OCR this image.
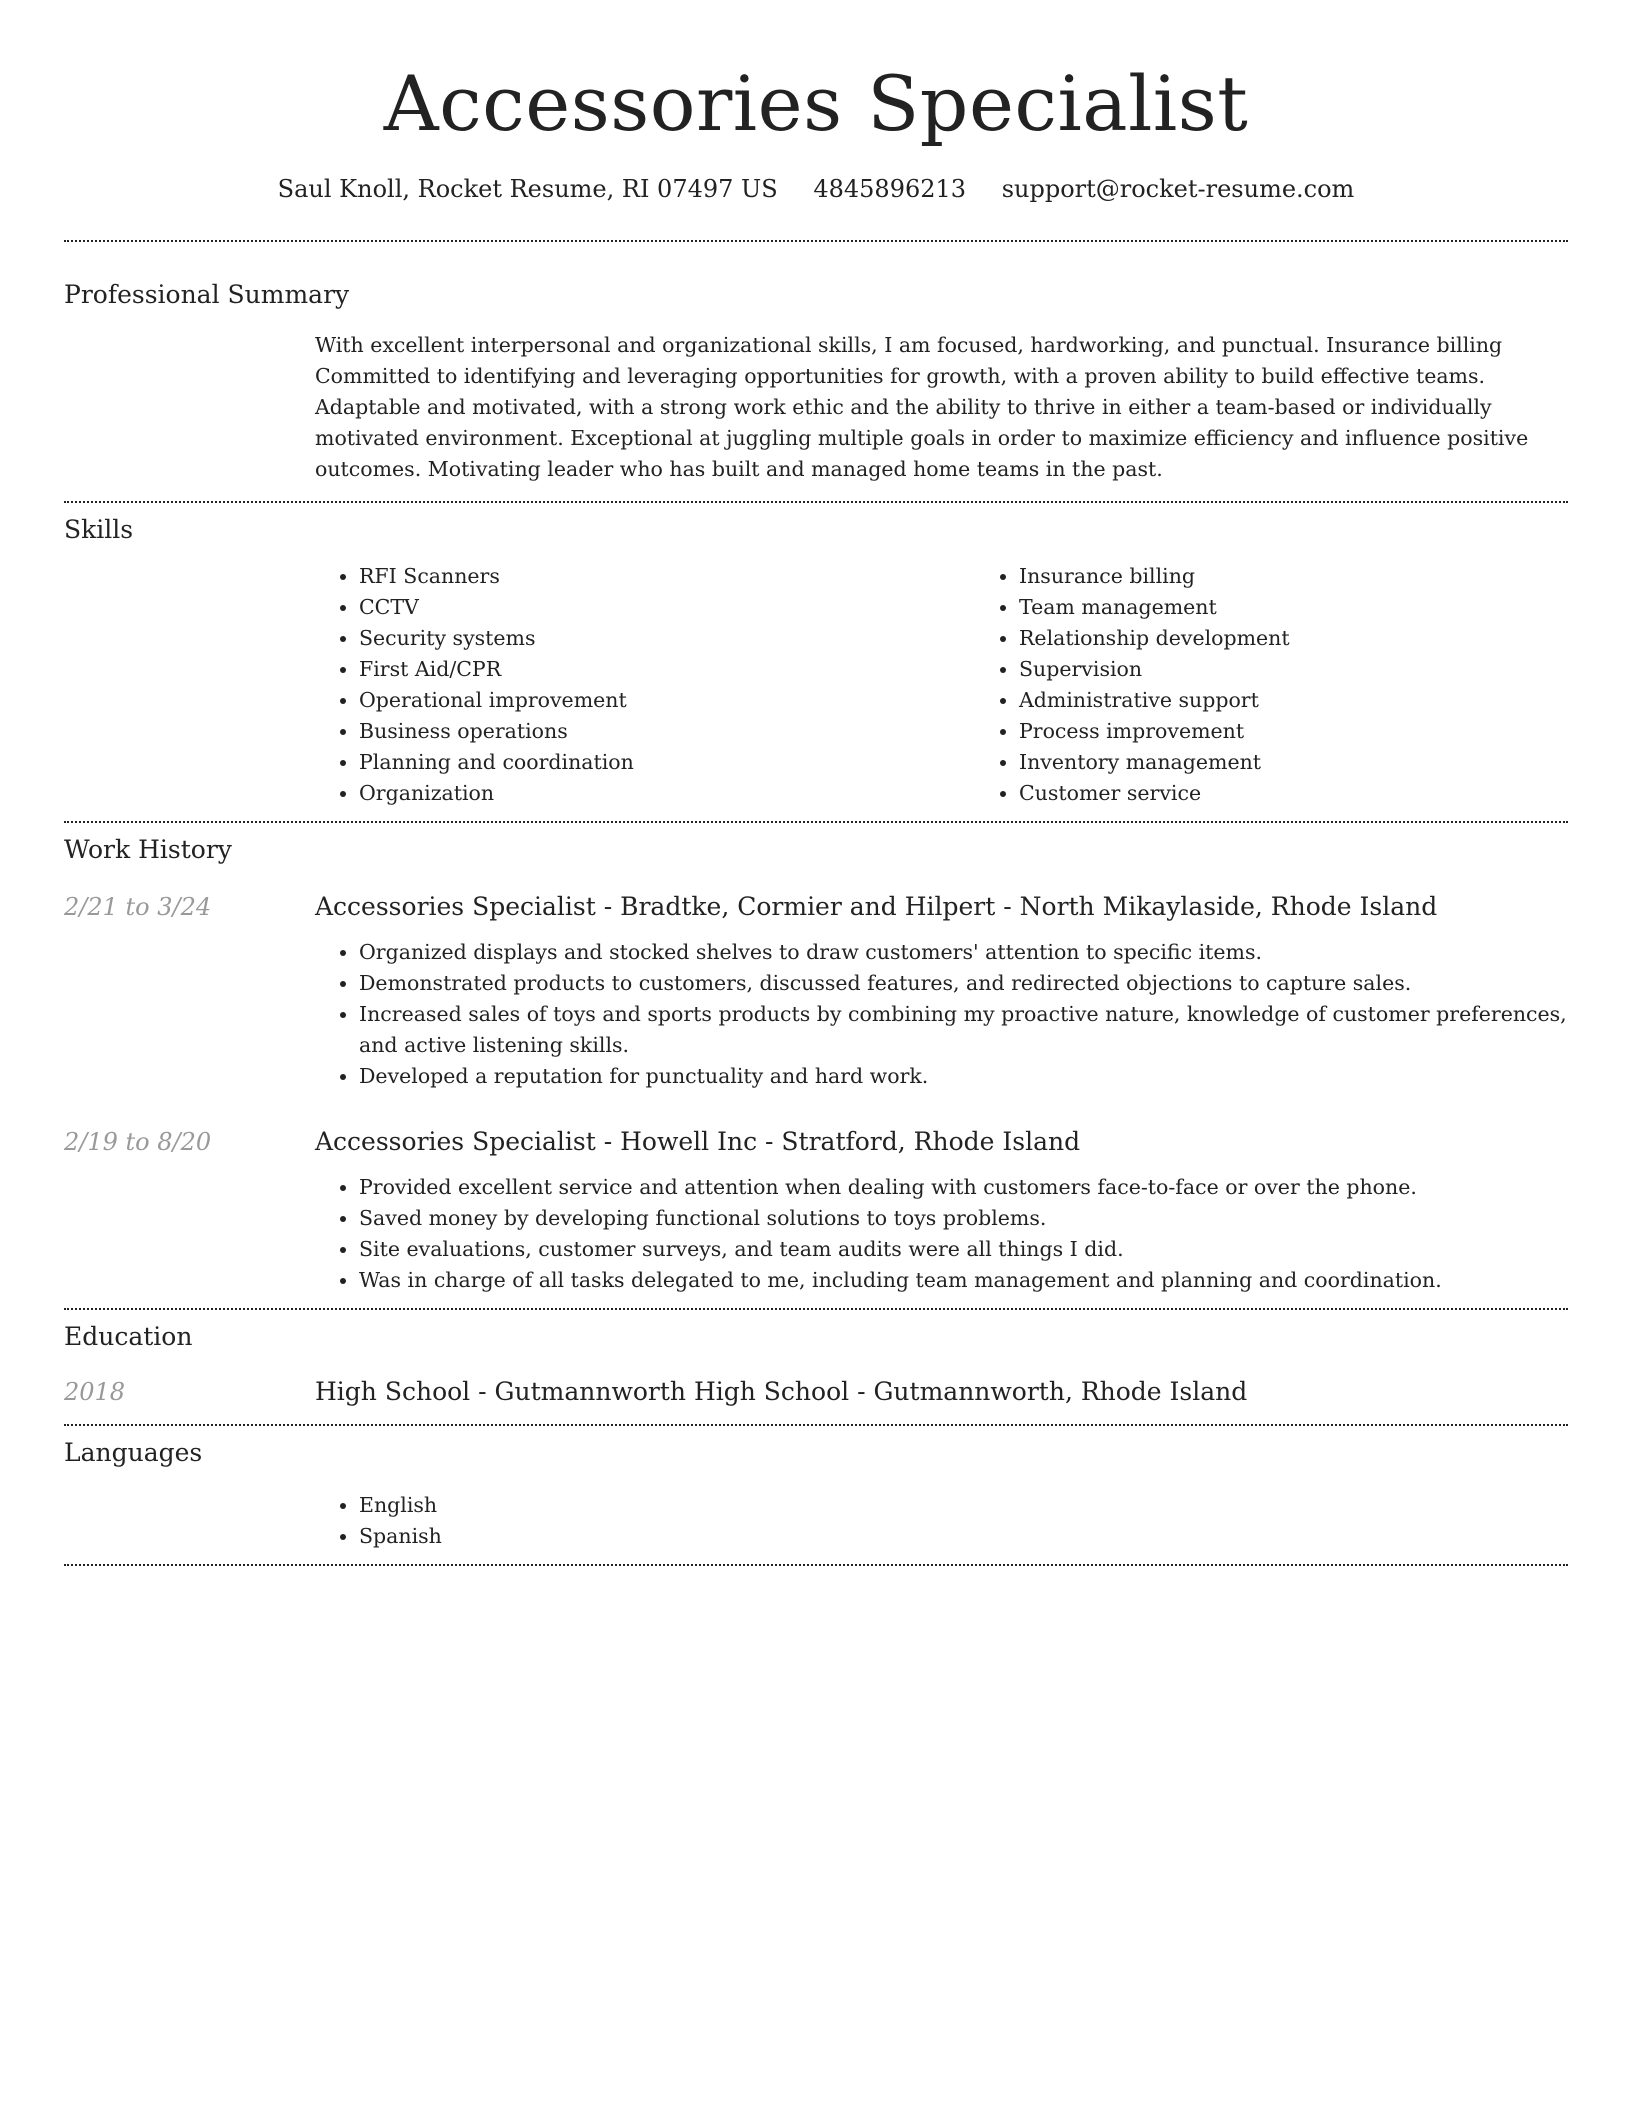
Accessories Specialist
Saul Knoll, Rocket Resume, RI 07497 US 4845896213 support@rocket-resume.com
Professional Summary

With excellent interpersonal and organizational skills, I am focused, hardworking, and punctual. Insurance billing Committed to identifying and leveraging opportunities for growth, with a proven ability to build effective teams. Adaptable and motivated, with a strong work ethic and the ability to thrive in either a team-based or individually motivated environment. Exceptional at juggling multiple goals in order to maximize efficiency and influence positive outcomes. Motivating leader who has built and managed home teams in the past.

Skills
• RFI Scanners
• CCTV
• Security systems
• First Aid/CPR
• Operational improvement
• Business operations
• Planning and coordination
• Organization
• Insurance billing
• Team management
• Relationship development
• Supervision
• Administrative support
• Process improvement
• Inventory management
• Customer service
Work History
2/21 to 3/24	Accessories Specialist - Bradtke, Cormier and Hilpert - North Mikaylaside, Rhode Island
• Organized displays and stocked shelves to draw customers' attention to specific items.
• Demonstrated products to customers, discussed features, and redirected objections to capture sales.
• Increased sales of toys and sports products by combining my proactive nature, knowledge of customer preferences, and active listening skills.
• Developed a reputation for punctuality and hard work.
2/19 to 8/20	Accessories Specialist - Howell Inc - Stratford, Rhode Island
• Provided excellent service and attention when dealing with customers face-to-face or over the phone.
• Saved money by developing functional solutions to toys problems.
• Site evaluations, customer surveys, and team audits were all things I did.
• Was in charge of all tasks delegated to me, including team management and planning and coordination.
Education
2018	High School - Gutmannworth High School - Gutmannworth, Rhode Island
Languages
• English
• Spanish
